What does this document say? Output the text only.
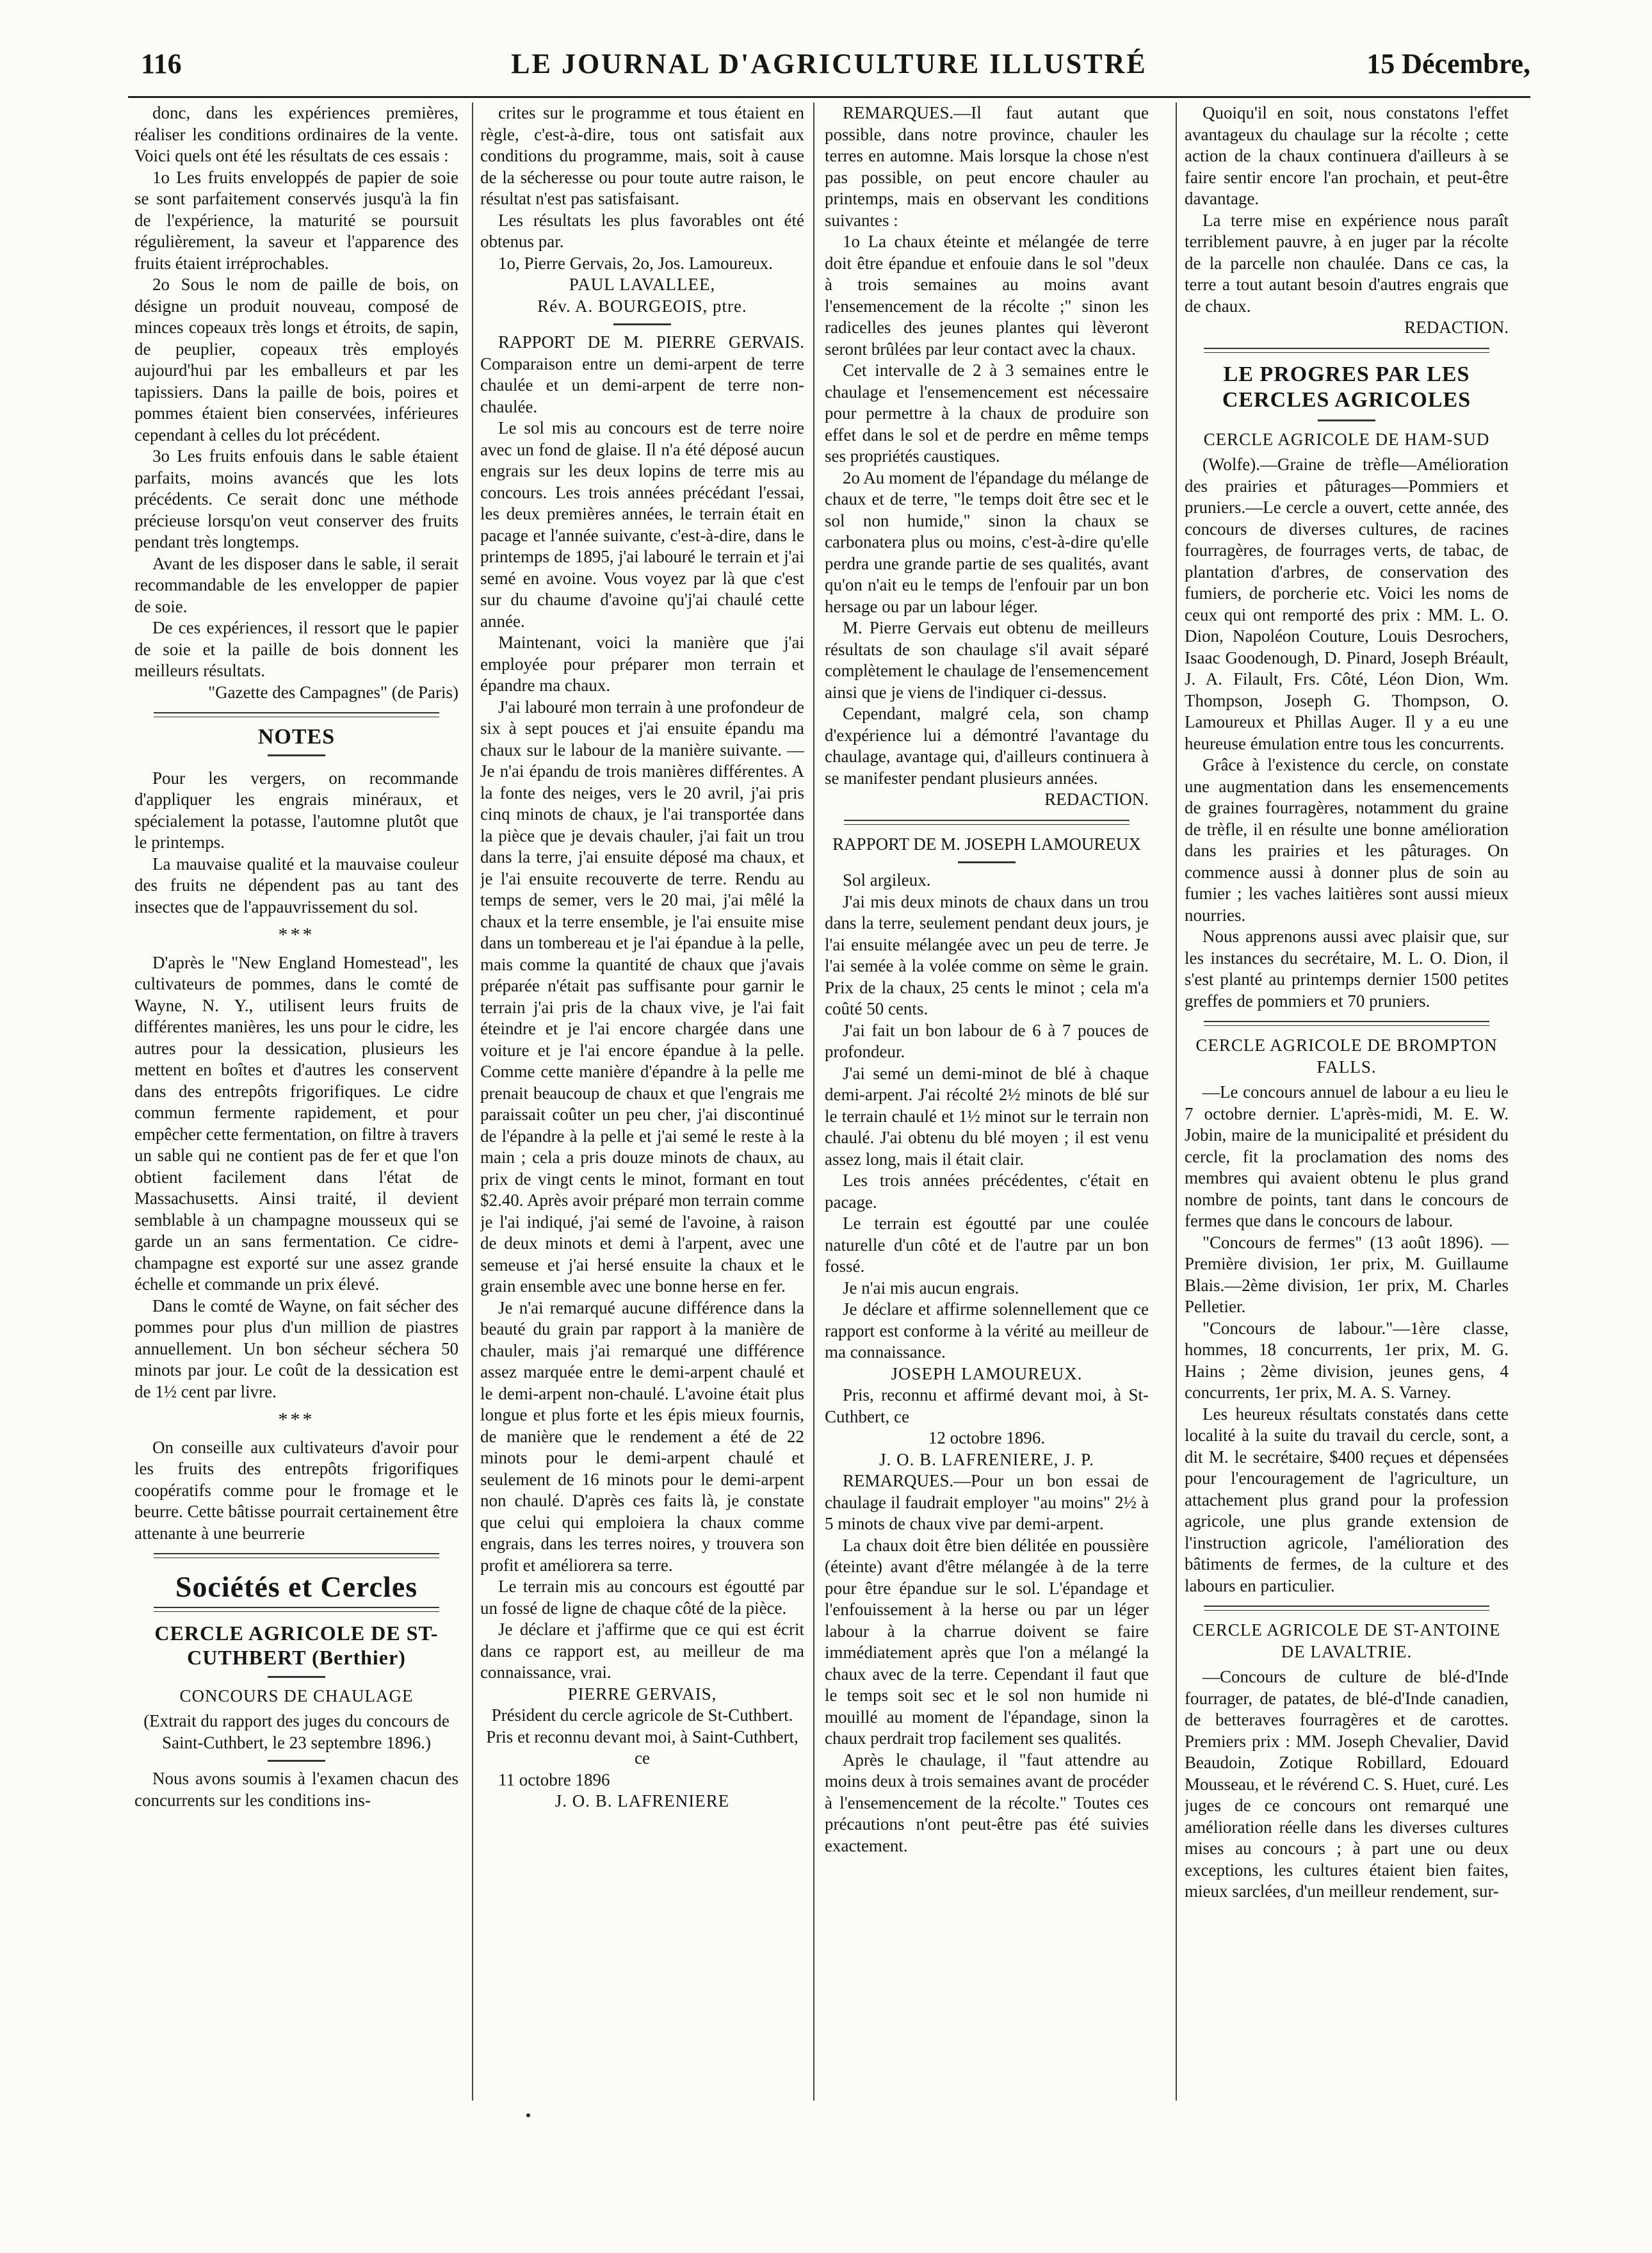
116	LE JOURNAL D'AGRICULTURE ILLUSTRÉ	15 Décembre,

donc, dans les expériences premières, réaliser les conditions ordinaires de la vente. Voici quels ont été les résultats de ces essais :

1o Les fruits enveloppés de papier de soie se sont parfaitement conservés jusqu'à la fin de l'expérience, la maturité se poursuit régulièrement, la saveur et l'apparence des fruits étaient irréprochables.

2o Sous le nom de paille de bois, on désigne un produit nouveau, composé de minces copeaux très longs et étroits, de sapin, de peuplier, copeaux très employés aujourd'hui par les emballeurs et par les tapissiers. Dans la paille de bois, poires et pommes étaient bien conservées, inférieures cependant à celles du lot précédent.

3o Les fruits enfouis dans le sable étaient parfaits, moins avancés que les lots précédents. Ce serait donc une méthode précieuse lorsqu'on veut conserver des fruits pendant très longtemps.

Avant de les disposer dans le sable, il serait recommandable de les envelopper de papier de soie.

De ces expériences, il ressort que le papier de soie et la paille de bois donnent les meilleurs résultats.

"Gazette des Campagnes" (de Paris)

NOTES

Pour les vergers, on recommande d'appliquer les engrais minéraux, et spécialement la potasse, l'automne plutôt que le printemps.

La mauvaise qualité et la mauvaise couleur des fruits ne dépendent pas au tant des insectes que de l'appauvrissement du sol.

***

D'après le "New England Homestead", les cultivateurs de pommes, dans le comté de Wayne, N. Y., utilisent leurs fruits de différentes manières, les uns pour le cidre, les autres pour la dessication, plusieurs les mettent en boîtes et d'autres les conservent dans des entrepôts frigorifiques. Le cidre commun fermente rapidement, et pour empêcher cette fermentation, on filtre à travers un sable qui ne contient pas de fer et que l'on obtient facilement dans l'état de Massachusetts. Ainsi traité, il devient semblable à un champagne mousseux qui se garde un an sans fermentation. Ce cidre-champagne est exporté sur une assez grande échelle et commande un prix élevé.

Dans le comté de Wayne, on fait sécher des pommes pour plus d'un million de piastres annuellement. Un bon sécheur séchera 50 minots par jour. Le coût de la dessication est de 1½ cent par livre.

***

On conseille aux cultivateurs d'avoir pour les fruits des entrepôts frigorifiques coopératifs comme pour le fromage et le beurre. Cette bâtisse pourrait certainement être attenante à une beurrerie

Sociétés et Cercles

CERCLE AGRICOLE DE ST-CUTHBERT (Berthier)

CONCOURS DE CHAULAGE

(Extrait du rapport des juges du concours de Saint-Cuthbert, le 23 septembre 1896.)

Nous avons soumis à l'examen chacun des concurrents sur les conditions ins-

crites sur le programme et tous étaient en règle, c'est-à-dire, tous ont satisfait aux conditions du programme, mais, soit à cause de la sécheresse ou pour toute autre raison, le résultat n'est pas satisfaisant.

Les résultats les plus favorables ont été obtenus par.

1o, Pierre Gervais, 2o, Jos. Lamoureux.

PAUL LAVALLEE,

Rév. A. BOURGEOIS, ptre.

RAPPORT DE M. PIERRE GERVAIS. Comparaison entre un demi-arpent de terre chaulée et un demi-arpent de terre non-chaulée.

Le sol mis au concours est de terre noire avec un fond de glaise. Il n'a été déposé aucun engrais sur les deux lopins de terre mis au concours. Les trois années précédant l'essai, les deux premières années, le terrain était en pacage et l'année suivante, c'est-à-dire, dans le printemps de 1895, j'ai labouré le terrain et j'ai semé en avoine. Vous voyez par là que c'est sur du chaume d'avoine qu'j'ai chaulé cette année.

Maintenant, voici la manière que j'ai employée pour préparer mon terrain et épandre ma chaux.

J'ai labouré mon terrain à une profondeur de six à sept pouces et j'ai ensuite épandu ma chaux sur le labour de la manière suivante. — Je n'ai épandu de trois manières différentes. A la fonte des neiges, vers le 20 avril, j'ai pris cinq minots de chaux, je l'ai transportée dans la pièce que je devais chauler, j'ai fait un trou dans la terre, j'ai ensuite déposé ma chaux, et je l'ai ensuite recouverte de terre. Rendu au temps de semer, vers le 20 mai, j'ai mêlé la chaux et la terre ensemble, je l'ai ensuite mise dans un tombereau et je l'ai épandue à la pelle, mais comme la quantité de chaux que j'avais préparée n'était pas suffisante pour garnir le terrain j'ai pris de la chaux vive, je l'ai fait éteindre et je l'ai encore chargée dans une voiture et je l'ai encore épandue à la pelle. Comme cette manière d'épandre à la pelle me prenait beaucoup de chaux et que l'engrais me paraissait coûter un peu cher, j'ai discontinué de l'épandre à la pelle et j'ai semé le reste à la main ; cela a pris douze minots de chaux, au prix de vingt cents le minot, formant en tout $2.40. Après avoir préparé mon terrain comme je l'ai indiqué, j'ai semé de l'avoine, à raison de deux minots et demi à l'arpent, avec une semeuse et j'ai hersé ensuite la chaux et le grain ensemble avec une bonne herse en fer.

Je n'ai remarqué aucune différence dans la beauté du grain par rapport à la manière de chauler, mais j'ai remarqué une différence assez marquée entre le demi-arpent chaulé et le demi-arpent non-chaulé. L'avoine était plus longue et plus forte et les épis mieux fournis, de manière que le rendement a été de 22 minots pour le demi-arpent chaulé et seulement de 16 minots pour le demi-arpent non chaulé. D'après ces faits là, je constate que celui qui emploiera la chaux comme engrais, dans les terres noires, y trouvera son profit et améliorera sa terre.

Le terrain mis au concours est égoutté par un fossé de ligne de chaque côté de la pièce.

Je déclare et j'affirme que ce qui est écrit dans ce rapport est, au meilleur de ma connaissance, vrai.

PIERRE GERVAIS,

Président du cercle agricole de St-Cuthbert.

Pris et reconnu devant moi, à Saint-Cuthbert, ce

11 octobre 1896

J. O. B. LAFRENIERE

REMARQUES.—Il faut autant que possible, dans notre province, chauler les terres en automne. Mais lorsque la chose n'est pas possible, on peut encore chauler au printemps, mais en observant les conditions suivantes :

1o La chaux éteinte et mélangée de terre doit être épandue et enfouie dans le sol "deux à trois semaines au moins avant l'ensemencement de la récolte ;" sinon les radicelles des jeunes plantes qui lèveront seront brûlées par leur contact avec la chaux.

Cet intervalle de 2 à 3 semaines entre le chaulage et l'ensemencement est nécessaire pour permettre à la chaux de produire son effet dans le sol et de perdre en même temps ses propriétés caustiques.

2o Au moment de l'épandage du mélange de chaux et de terre, "le temps doit être sec et le sol non humide," sinon la chaux se carbonatera plus ou moins, c'est-à-dire qu'elle perdra une grande partie de ses qualités, avant qu'on n'ait eu le temps de l'enfouir par un bon hersage ou par un labour léger.

M. Pierre Gervais eut obtenu de meilleurs résultats de son chaulage s'il avait séparé complètement le chaulage de l'ensemencement ainsi que je viens de l'indiquer ci-dessus.

Cependant, malgré cela, son champ d'expérience lui a démontré l'avantage du chaulage, avantage qui, d'ailleurs continuera à se manifester pendant plusieurs années.

REDACTION.

RAPPORT DE M. JOSEPH LAMOUREUX

Sol argileux.

J'ai mis deux minots de chaux dans un trou dans la terre, seulement pendant deux jours, je l'ai ensuite mélangée avec un peu de terre. Je l'ai semée à la volée comme on sème le grain. Prix de la chaux, 25 cents le minot ; cela m'a coûté 50 cents.

J'ai fait un bon labour de 6 à 7 pouces de profondeur.

J'ai semé un demi-minot de blé à chaque demi-arpent. J'ai récolté 2½ minots de blé sur le terrain chaulé et 1½ minot sur le terrain non chaulé. J'ai obtenu du blé moyen ; il est venu assez long, mais il était clair.

Les trois années précédentes, c'était en pacage.

Le terrain est égoutté par une coulée naturelle d'un côté et de l'autre par un bon fossé.

Je n'ai mis aucun engrais.

Je déclare et affirme solennellement que ce rapport est conforme à la vérité au meilleur de ma connaissance.

JOSEPH LAMOUREUX.

Pris, reconnu et affirmé devant moi, à St-Cuthbert, ce

12 octobre 1896.

J. O. B. LAFRENIERE, J. P.

REMARQUES.—Pour un bon essai de chaulage il faudrait employer "au moins" 2½ à 5 minots de chaux vive par demi-arpent.

La chaux doit être bien délitée en poussière (éteinte) avant d'être mélangée à de la terre pour être épandue sur le sol. L'épandage et l'enfouissement à la herse ou par un léger labour à la charrue doivent se faire immédiatement après que l'on a mélangé la chaux avec de la terre. Cependant il faut que le temps soit sec et le sol non humide ni mouillé au moment de l'épandage, sinon la chaux perdrait trop facilement ses qualités.

Après le chaulage, il "faut attendre au moins deux à trois semaines avant de procéder à l'ensemencement de la récolte." Toutes ces précautions n'ont peut-être pas été suivies exactement.

Quoiqu'il en soit, nous constatons l'effet avantageux du chaulage sur la récolte ; cette action de la chaux continuera d'ailleurs à se faire sentir encore l'an prochain, et peut-être davantage.

La terre mise en expérience nous paraît terriblement pauvre, à en juger par la récolte de la parcelle non chaulée. Dans ce cas, la terre a tout autant besoin d'autres engrais que de chaux.

REDACTION.

LE PROGRES PAR LES CERCLES AGRICOLES

CERCLE AGRICOLE DE HAM-SUD

(Wolfe).—Graine de trèfle—Amélioration des prairies et pâturages—Pommiers et pruniers.—Le cercle a ouvert, cette année, des concours de diverses cultures, de racines fourragères, de fourrages verts, de tabac, de plantation d'arbres, de conservation des fumiers, de porcherie etc. Voici les noms de ceux qui ont remporté des prix : MM. L. O. Dion, Napoléon Couture, Louis Desrochers, Isaac Goodenough, D. Pinard, Joseph Bréault, J. A. Filault, Frs. Côté, Léon Dion, Wm. Thompson, Joseph G. Thompson, O. Lamoureux et Phillas Auger. Il y a eu une heureuse émulation entre tous les concurrents.

Grâce à l'existence du cercle, on constate une augmentation dans les ensemencements de graines fourragères, notamment du graine de trèfle, il en résulte une bonne amélioration dans les prairies et les pâturages. On commence aussi à donner plus de soin au fumier ; les vaches laitières sont aussi mieux nourries.

Nous apprenons aussi avec plaisir que, sur les instances du secrétaire, M. L. O. Dion, il s'est planté au printemps dernier 1500 petites greffes de pommiers et 70 pruniers.

CERCLE AGRICOLE DE BROMPTON FALLS.

—Le concours annuel de labour a eu lieu le 7 octobre dernier. L'après-midi, M. E. W. Jobin, maire de la municipalité et président du cercle, fit la proclamation des noms des membres qui avaient obtenu le plus grand nombre de points, tant dans le concours de fermes que dans le concours de labour.

"Concours de fermes" (13 août 1896). —Première division, 1er prix, M. Guillaume Blais.—2ème division, 1er prix, M. Charles Pelletier.

"Concours de labour."—1ère classe, hommes, 18 concurrents, 1er prix, M. G. Hains ; 2ème division, jeunes gens, 4 concurrents, 1er prix, M. A. S. Varney.

Les heureux résultats constatés dans cette localité à la suite du travail du cercle, sont, a dit M. le secrétaire, $400 reçues et dépensées pour l'encouragement de l'agriculture, un attachement plus grand pour la profession agricole, une plus grande extension de l'instruction agricole, l'amélioration des bâtiments de fermes, de la culture et des labours en particulier.

CERCLE AGRICOLE DE ST-ANTOINE DE LAVALTRIE.

—Concours de culture de blé-d'Inde fourrager, de patates, de blé-d'Inde canadien, de betteraves fourragères et de carottes. Premiers prix : MM. Joseph Chevalier, David Beaudoin, Zotique Robillard, Edouard Mousseau, et le révérend C. S. Huet, curé. Les juges de ce concours ont remarqué une amélioration réelle dans les diverses cultures mises au concours ; à part une ou deux exceptions, les cultures étaient bien faites, mieux sarclées, d'un meilleur rendement, sur-
